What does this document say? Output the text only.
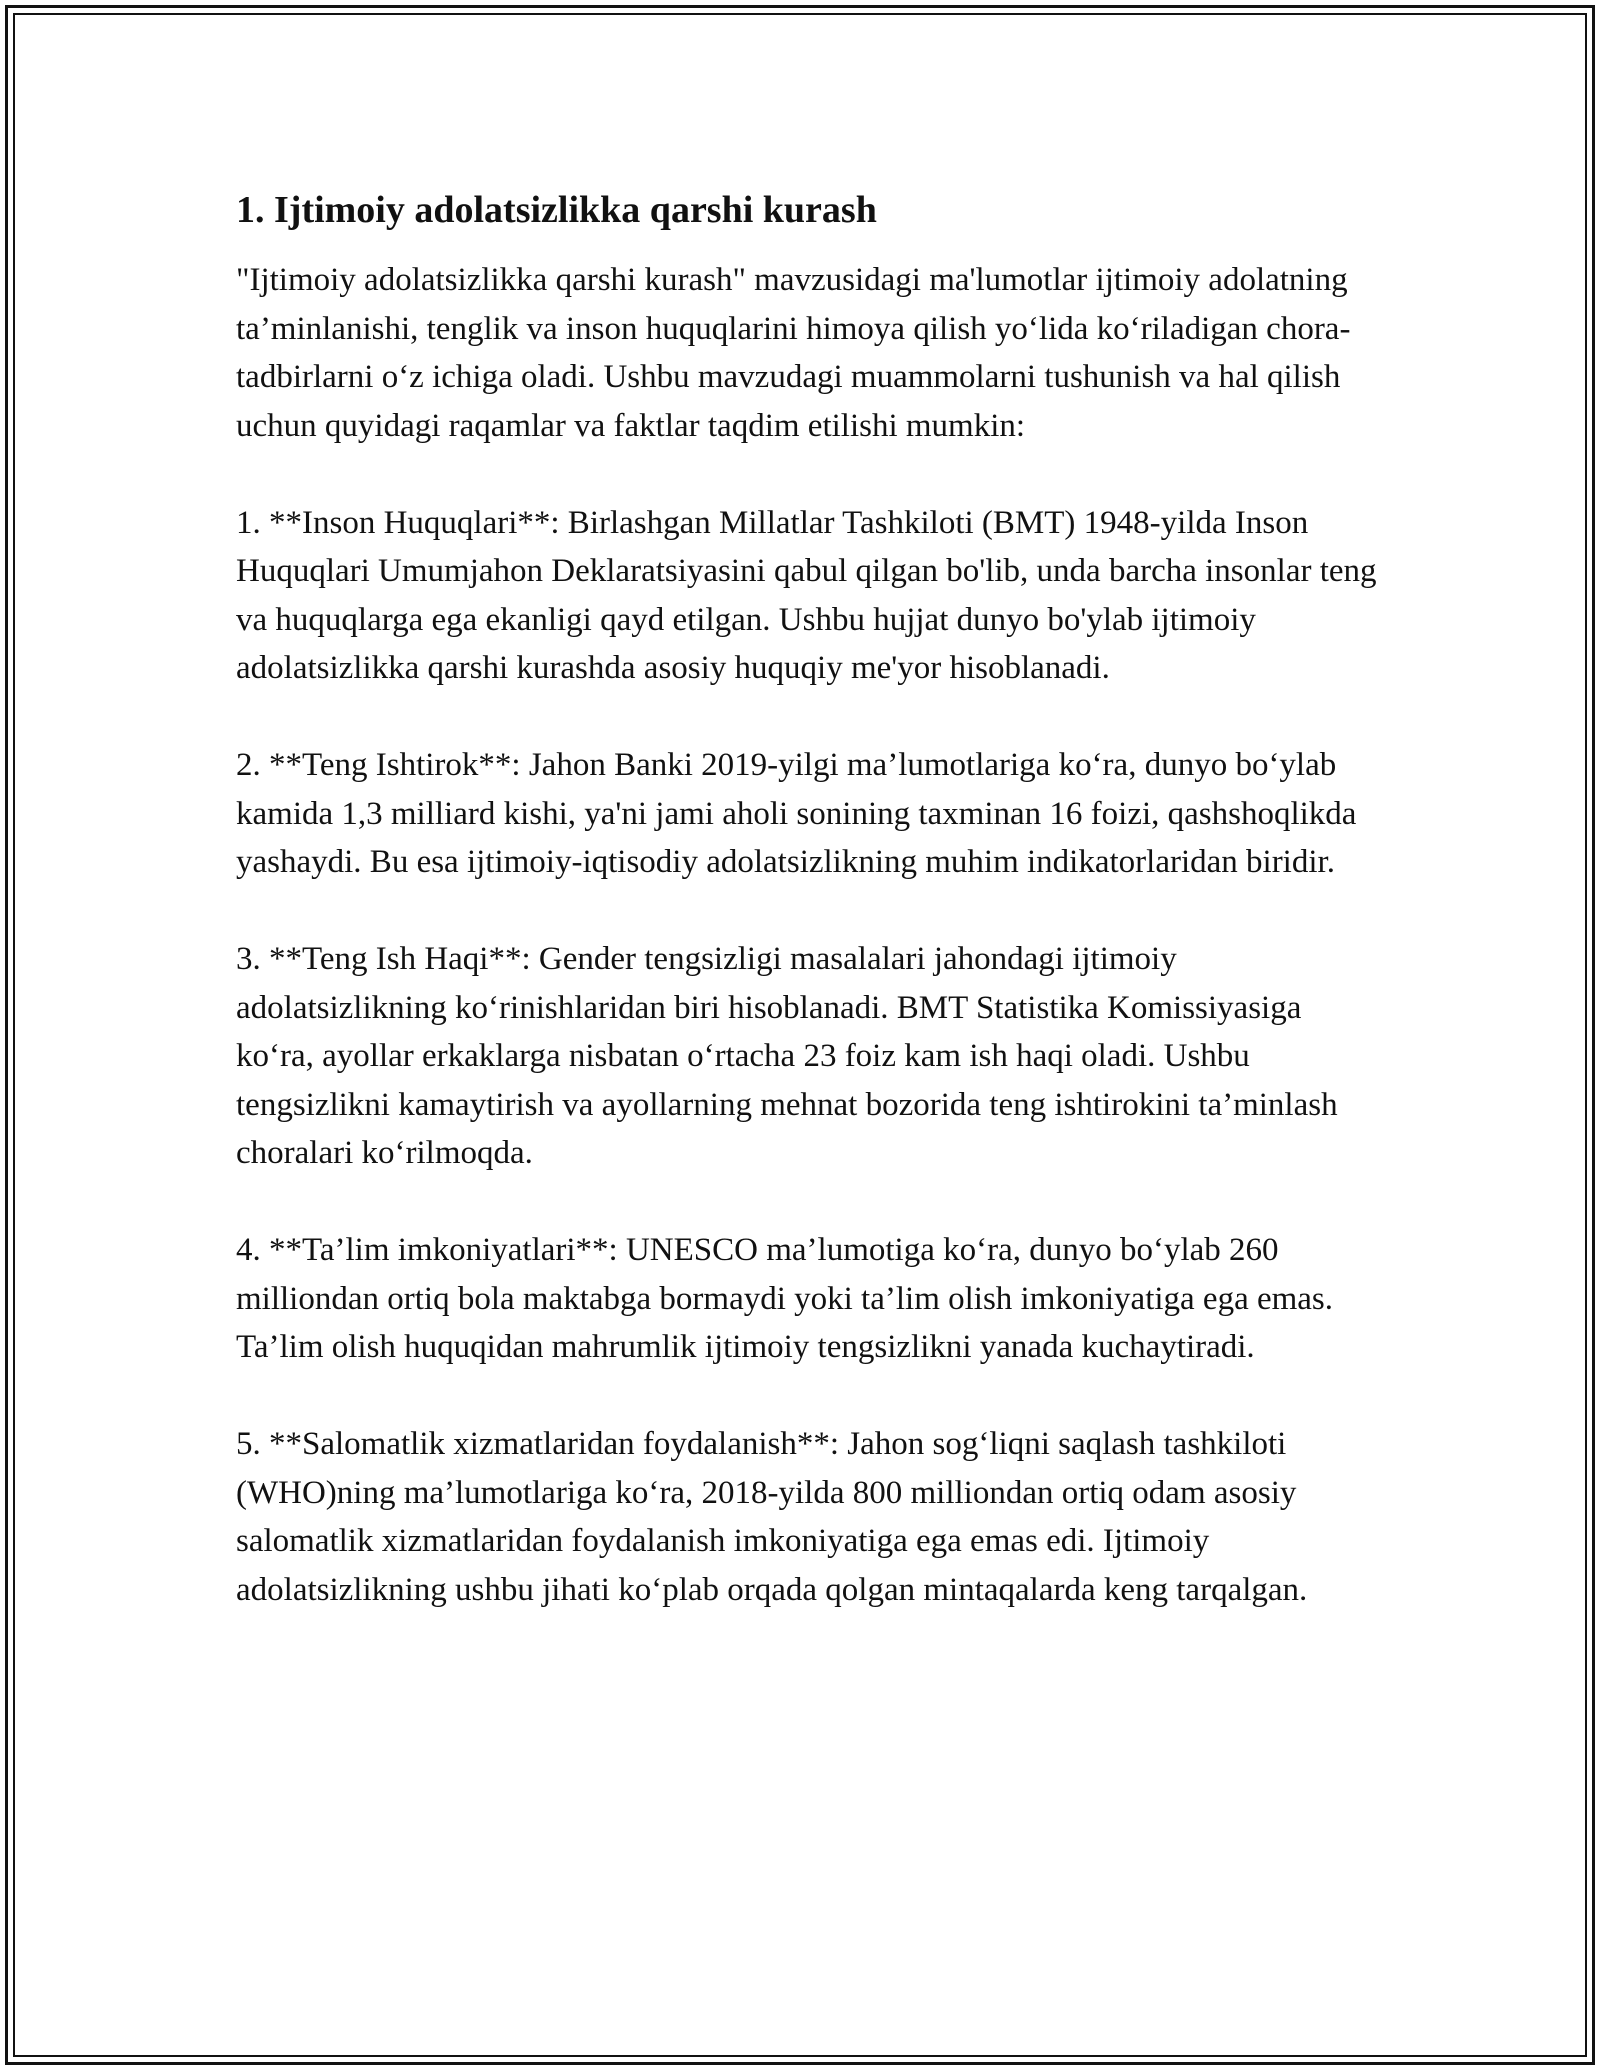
1. Ijtimoiy adolatsizlikka qarshi kurash

"Ijtimoiy adolatsizlikka qarshi kurash" mavzusidagi ma'lumotlar ijtimoiy adolatning ta’minlanishi, tenglik va inson huquqlarini himoya qilish yo‘lida ko‘riladigan chora-tadbirlarni o‘z ichiga oladi. Ushbu mavzudagi muammolarni tushunish va hal qilish uchun quyidagi raqamlar va faktlar taqdim etilishi mumkin:

1. **Inson Huquqlari**: Birlashgan Millatlar Tashkiloti (BMT) 1948-yilda Inson Huquqlari Umumjahon Deklaratsiyasini qabul qilgan bo'lib, unda barcha insonlar teng va huquqlarga ega ekanligi qayd etilgan. Ushbu hujjat dunyo bo'ylab ijtimoiy adolatsizlikka qarshi kurashda asosiy huquqiy me'yor hisoblanadi.

2. **Teng Ishtirok**: Jahon Banki 2019-yilgi ma’lumotlariga ko‘ra, dunyo bo‘ylab kamida 1,3 milliard kishi, ya'ni jami aholi sonining taxminan 16 foizi, qashshoqlikda yashaydi. Bu esa ijtimoiy-iqtisodiy adolatsizlikning muhim indikatorlaridan biridir.

3. **Teng Ish Haqi**: Gender tengsizligi masalalari jahondagi ijtimoiy adolatsizlikning ko‘rinishlaridan biri hisoblanadi. BMT Statistika Komissiyasiga ko‘ra, ayollar erkaklarga nisbatan o‘rtacha 23 foiz kam ish haqi oladi. Ushbu tengsizlikni kamaytirish va ayollarning mehnat bozorida teng ishtirokini ta’minlash choralari ko‘rilmoqda.

4. **Ta’lim imkoniyatlari**: UNESCO ma’lumotiga ko‘ra, dunyo bo‘ylab 260 milliondan ortiq bola maktabga bormaydi yoki ta’lim olish imkoniyatiga ega emas. Ta’lim olish huquqidan mahrumlik ijtimoiy tengsizlikni yanada kuchaytiradi.

5. **Salomatlik xizmatlaridan foydalanish**: Jahon sog‘liqni saqlash tashkiloti (WHO)ning ma’lumotlariga ko‘ra, 2018-yilda 800 milliondan ortiq odam asosiy salomatlik xizmatlaridan foydalanish imkoniyatiga ega emas edi. Ijtimoiy adolatsizlikning ushbu jihati ko‘plab orqada qolgan mintaqalarda keng tarqalgan.
